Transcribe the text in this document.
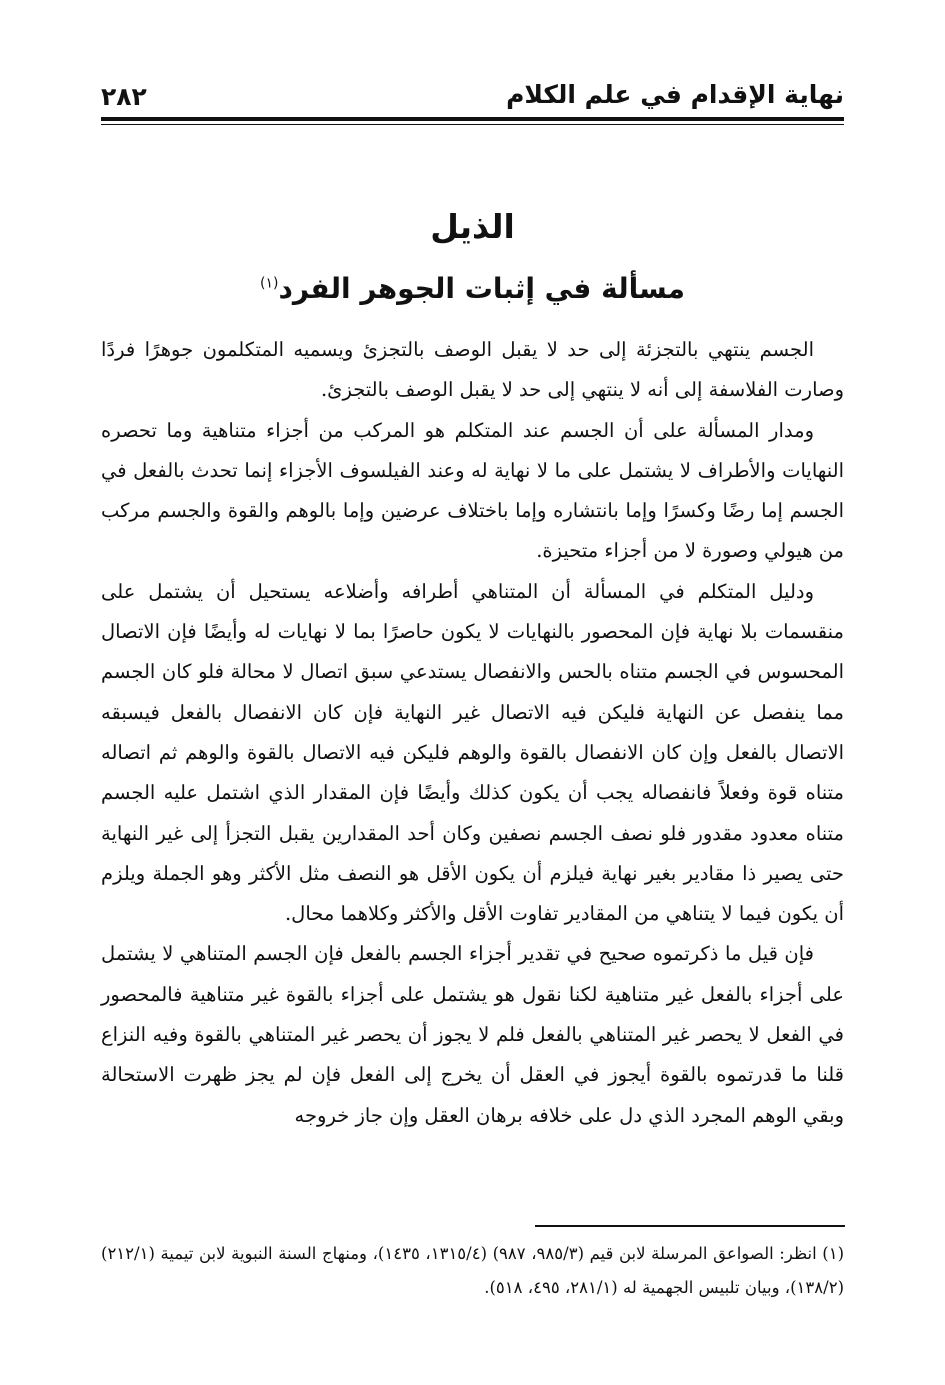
نهاية الإقدام في علم الكلام
٢٨٢
الذيل
مسألة في إثبات الجوهر الفرد$^{(١)}$

الجسم ينتهي بالتجزئة إلى حد لا يقبل الوصف بالتجزئ ويسميه المتكلمون جوهرًا فردًا وصارت الفلاسفة إلى أنه لا ينتهي إلى حد لا يقبل الوصف بالتجزئ.

ومدار المسألة على أن الجسم عند المتكلم هو المركب من أجزاء متناهية وما تحصره النهايات والأطراف لا يشتمل على ما لا نهاية له وعند الفيلسوف الأجزاء إنما تحدث بالفعل في الجسم إما رضًا وكسرًا وإما بانتشاره وإما باختلاف عرضين وإما بالوهم والقوة والجسم مركب من هيولي وصورة لا من أجزاء متحيزة.

ودليل المتكلم في المسألة أن المتناهي أطرافه وأضلاعه يستحيل أن يشتمل على منقسمات بلا نهاية فإن المحصور بالنهايات لا يكون حاصرًا بما لا نهايات له وأيضًا فإن الاتصال المحسوس في الجسم متناه بالحس والانفصال يستدعي سبق اتصال لا محالة فلو كان الجسم مما ينفصل عن النهاية فليكن فيه الاتصال غير النهاية فإن كان الانفصال بالفعل فيسبقه الاتصال بالفعل وإن كان الانفصال بالقوة والوهم فليكن فيه الاتصال بالقوة والوهم ثم اتصاله متناه قوة وفعلاً فانفصاله يجب أن يكون كذلك وأيضًا فإن المقدار الذي اشتمل عليه الجسم متناه معدود مقدور فلو نصف الجسم نصفين وكان أحد المقدارين يقبل التجزأ إلى غير النهاية حتى يصير ذا مقادير بغير نهاية فيلزم أن يكون الأقل هو النصف مثل الأكثر وهو الجملة ويلزم أن يكون فيما لا يتناهي من المقادير تفاوت الأقل والأكثر وكلاهما محال.

فإن قيل ما ذكرتموه صحيح في تقدير أجزاء الجسم بالفعل فإن الجسم المتناهي لا يشتمل على أجزاء بالفعل غير متناهية لكنا نقول هو يشتمل على أجزاء بالقوة غير متناهية فالمحصور في الفعل لا يحصر غير المتناهي بالفعل فلم لا يجوز أن يحصر غير المتناهي بالقوة وفيه النزاع قلنا ما قدرتموه بالقوة أيجوز في العقل أن يخرج إلى الفعل فإن لم يجز ظهرت الاستحالة وبقي الوهم المجرد الذي دل على خلافه برهان العقل وإن جاز خروجه

(١) انظر: الصواعق المرسلة لابن قيم (٩٨٥/٣، ٩٨٧) (١٣١٥/٤، ١٤٣٥)، ومنهاج السنة النبوية لابن تيمية (٢١٢/١) (١٣٨/٢)، وبيان تلبيس الجهمية له (٢٨١/١، ٤٩٥، ٥١٨).
